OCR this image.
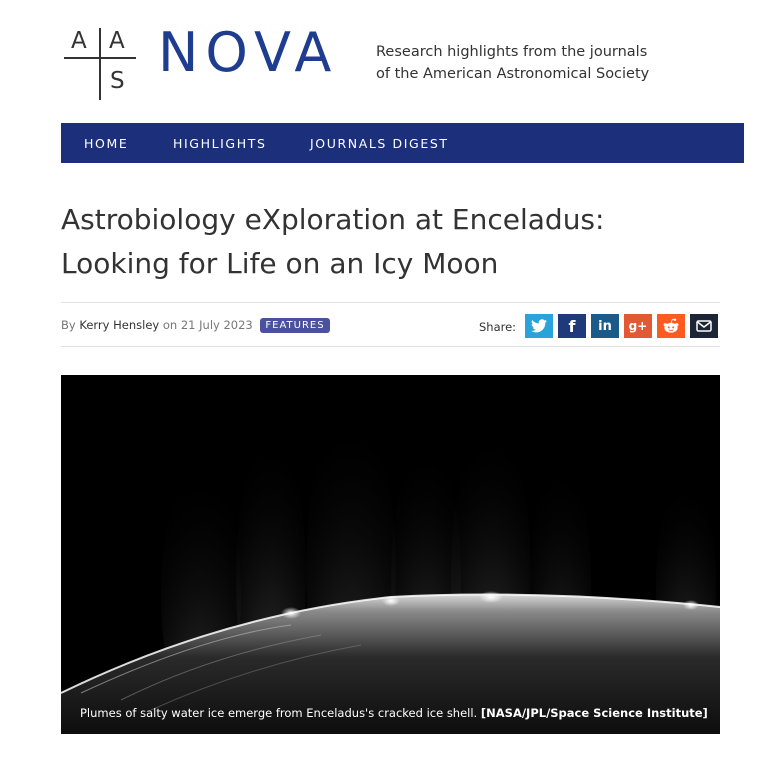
A A
S NOVA	Research highlights from the journals
of the American Astronomical Society
HOME	HIGHLIGHTS	JOURNALS DIGEST
Astrobiology eXploration at Enceladus:
Looking for Life on an Icy Moon
By Kerry Hensley on 21 July 2023 FEATURES	Share:	f in g+
Plumes of salty water ice emerge from Enceladus's cracked ice shell. [NASA/JPL/Space Science Institute]
